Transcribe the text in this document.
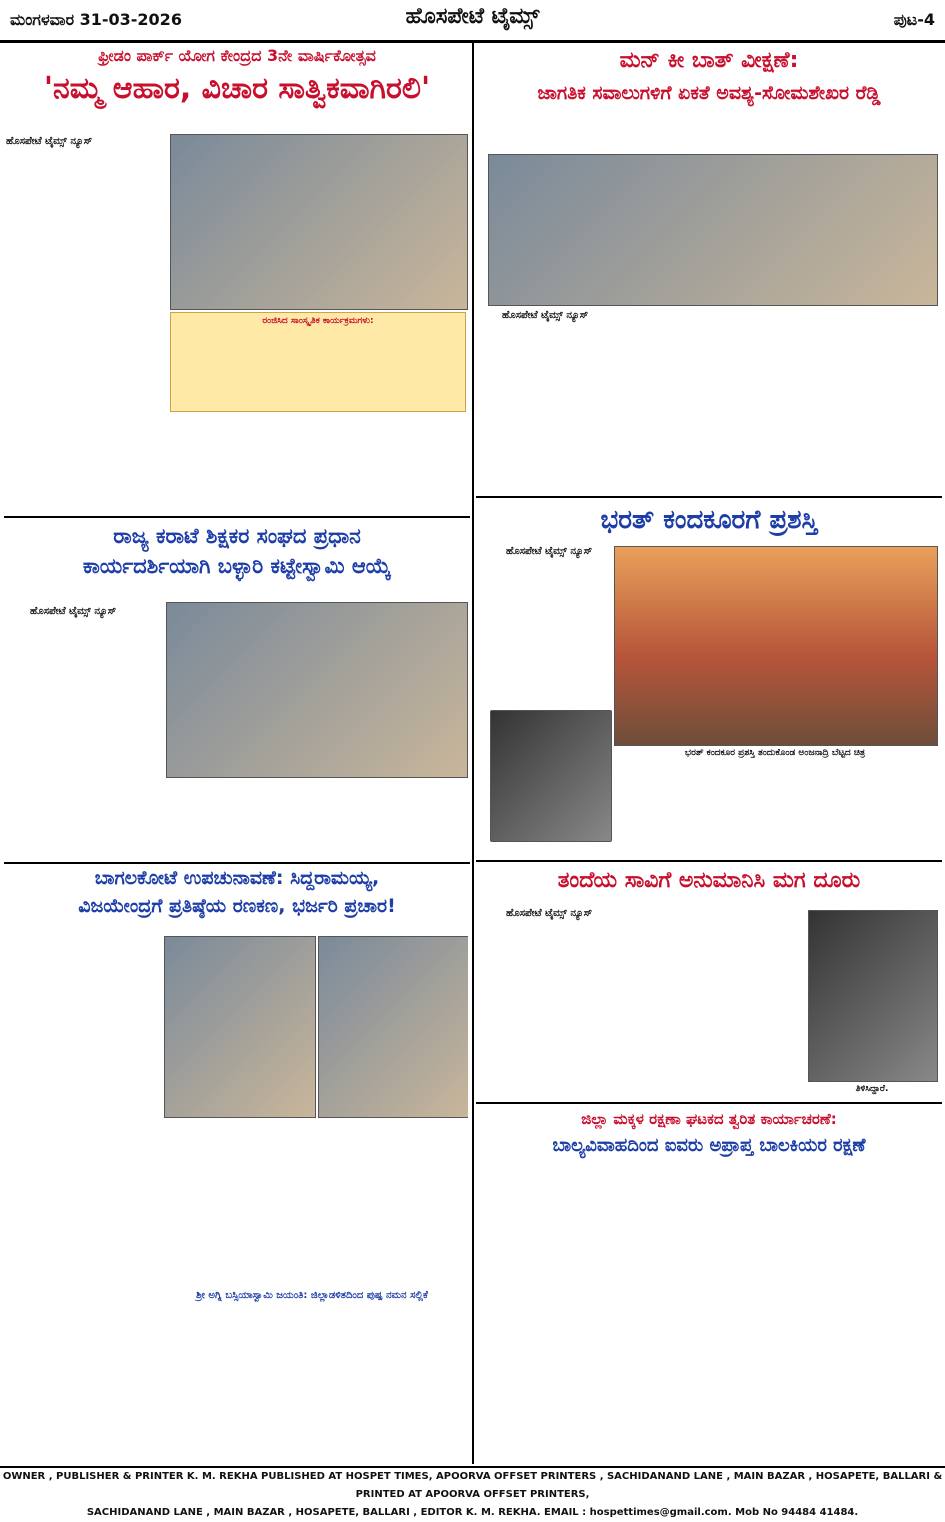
ಮಂಗಳವಾರ 31-03-2026	ಹೊಸಪೇಟೆ ಟೈಮ್ಸ್	ಪುಟ-4
ಫ್ರೀಡಂ ಪಾರ್ಕ್ ಯೋಗ ಕೇಂದ್ರದ 3ನೇ ವಾರ್ಷಿಕೋತ್ಸವ
'ನಮ್ಮ ಆಹಾರ, ವಿಚಾರ ಸಾತ್ವಿಕವಾಗಿರಲಿ'
ಹೊಸಪೇಟೆ ಟೈಮ್ಸ್ ನ್ಯೂಸ್
ರಂಜಿಸಿದ ಸಾಂಸ್ಕೃತಿಕ ಕಾರ್ಯಕ್ರಮಗಳು:
ಮನ್ ಕೀ ಬಾತ್ ವೀಕ್ಷಣೆ:
ಜಾಗತಿಕ ಸವಾಲುಗಳಿಗೆ ಏಕತೆ ಅವಶ್ಯ-ಸೋಮಶೇಖರ ರೆಡ್ಡಿ
ಹೊಸಪೇಟೆ ಟೈಮ್ಸ್ ನ್ಯೂಸ್
ರಾಜ್ಯ ಕರಾಟೆ ಶಿಕ್ಷಕರ ಸಂಘದ ಪ್ರಧಾನ
ಕಾರ್ಯದರ್ಶಿಯಾಗಿ ಬಳ್ಳಾರಿ ಕಟ್ಟೇಸ್ವಾಮಿ ಆಯ್ಕೆ
ಹೊಸಪೇಟೆ ಟೈಮ್ಸ್ ನ್ಯೂಸ್
ಭರತ್ ಕಂದಕೂರಗೆ ಪ್ರಶಸ್ತಿ
ಹೊಸಪೇಟೆ ಟೈಮ್ಸ್ ನ್ಯೂಸ್
ಭರತ್ ಕಂದಕೂರ ಪ್ರಶಸ್ತಿ ತಂದುಕೊಂಡ ಅಂಜನಾದ್ರಿ ಬೆಟ್ಟದ ಚಿತ್ರ
ಬಾಗಲಕೋಟೆ ಉಪಚುನಾವಣೆ: ಸಿದ್ದರಾಮಯ್ಯ,
ವಿಜಯೇಂದ್ರಗೆ ಪ್ರತಿಷ್ಠೆಯ ರಣಕಣ, ಭರ್ಜರಿ ಪ್ರಚಾರ!
ಶ್ರೀ ಅಗ್ನಿ ಬಸ್ಸಿಯಾಸ್ವಾಮಿ ಜಯಂತಿ: ಜಿಲ್ಲಾಡಳಿತದಿಂದ ಪುಷ್ಪ ನಮನ ಸಲ್ಲಿಕೆ
ತಂದೆಯ ಸಾವಿಗೆ ಅನುಮಾನಿಸಿ ಮಗ ದೂರು
ಹೊಸಪೇಟೆ ಟೈಮ್ಸ್ ನ್ಯೂಸ್
ತಿಳಿಸಿದ್ದಾರೆ.
ಜಿಲ್ಲಾ ಮಕ್ಕಳ ರಕ್ಷಣಾ ಘಟಕದ ತ್ವರಿತ ಕಾರ್ಯಾಚರಣೆ:
ಬಾಲ್ಯವಿವಾಹದಿಂದ ಐವರು ಅಪ್ರಾಪ್ತ ಬಾಲಕಿಯರ ರಕ್ಷಣೆ
OWNER , PUBLISHER & PRINTER K. M. REKHA PUBLISHED AT HOSPET TIMES, APOORVA OFFSET PRINTERS , SACHIDANAND LANE , MAIN BAZAR , HOSAPETE, BALLARI & PRINTED AT APOORVA OFFSET PRINTERS,
SACHIDANAND LANE , MAIN BAZAR , HOSAPETE, BALLARI , EDITOR K. M. REKHA. EMAIL : hospettimes@gmail.com. Mob No 94484 41484.
